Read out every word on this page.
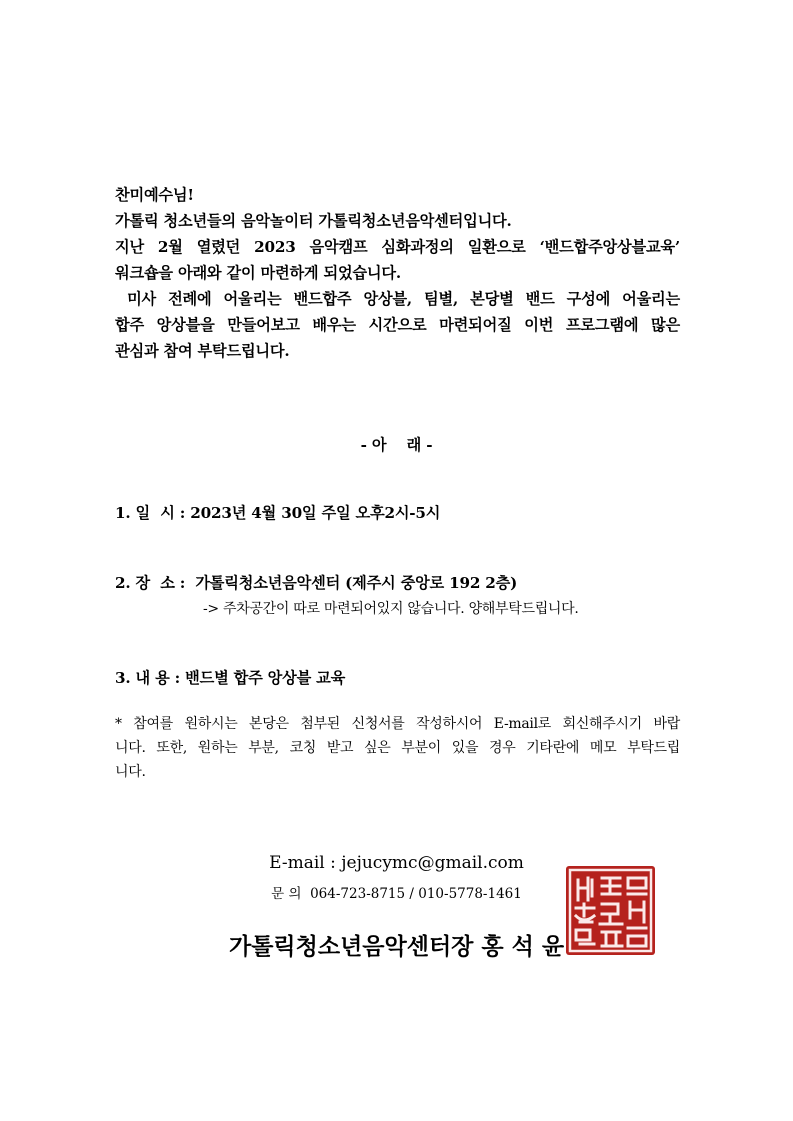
찬미예수님!
가톨릭 청소년들의 음악놀이터 가톨릭청소년음악센터입니다.
지난 2월 열렸던 2023 음악캠프 심화과정의 일환으로 ‘밴드합주앙상블교육’
워크숍을 아래와 같이 마련하게 되었습니다.
미사 전례에 어울리는 밴드합주 앙상블, 팀별, 본당별 밴드 구성에 어울리는
합주 앙상블을 만들어보고 배우는 시간으로 마련되어질 이번 프로그램에 많은
관심과 참여 부탁드립니다.
- 아    래 -
1. 일  시 : 2023년 4월 30일 주일 오후2시-5시
2. 장  소 :  가톨릭청소년음악센터 (제주시 중앙로 192 2층)
-> 주차공간이 따로 마련되어있지 않습니다. 양해부탁드립니다.
3. 내 용 : 밴드별 합주 앙상블 교육
* 참여를 원하시는 본당은 첨부된 신청서를 작성하시어 E-mail로 회신해주시기 바랍
니다. 또한, 원하는 부분, 코칭 받고 싶은 부분이 있을 경우 기타란에 메모 부탁드립
니다.
E-mail : jejucymc@gmail.com
문 의  064-723-8715 / 010-5778-1461
가톨릭청소년음악센터장 홍 석 윤
